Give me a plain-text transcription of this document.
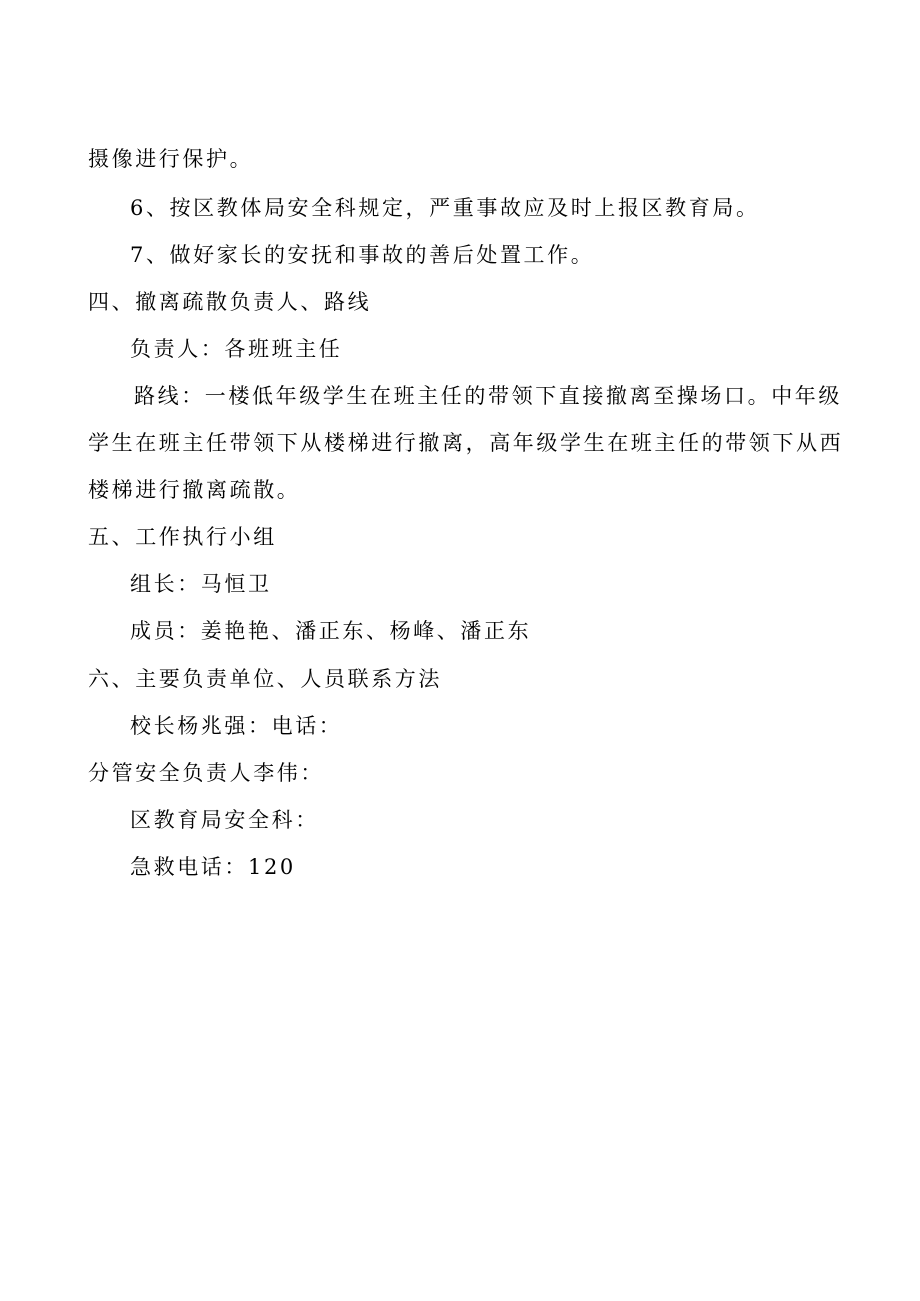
摄像进行保护。
6、按区教体局安全科规定，严重事故应及时上报区教育局。
7、做好家长的安抚和事故的善后处置工作。
四、撤离疏散负责人、路线
负责人：各班班主任
路线：一楼低年级学生在班主任的带领下直接撤离至操场口。中年级
学生在班主任带领下从楼梯进行撤离，高年级学生在班主任的带领下从西
楼梯进行撤离疏散。
五、工作执行小组
组长：马恒卫
成员：姜艳艳、潘正东、杨峰、潘正东
六、主要负责单位、人员联系方法
校长杨兆强：电话：
分管安全负责人李伟：
区教育局安全科：
急救电话：120
